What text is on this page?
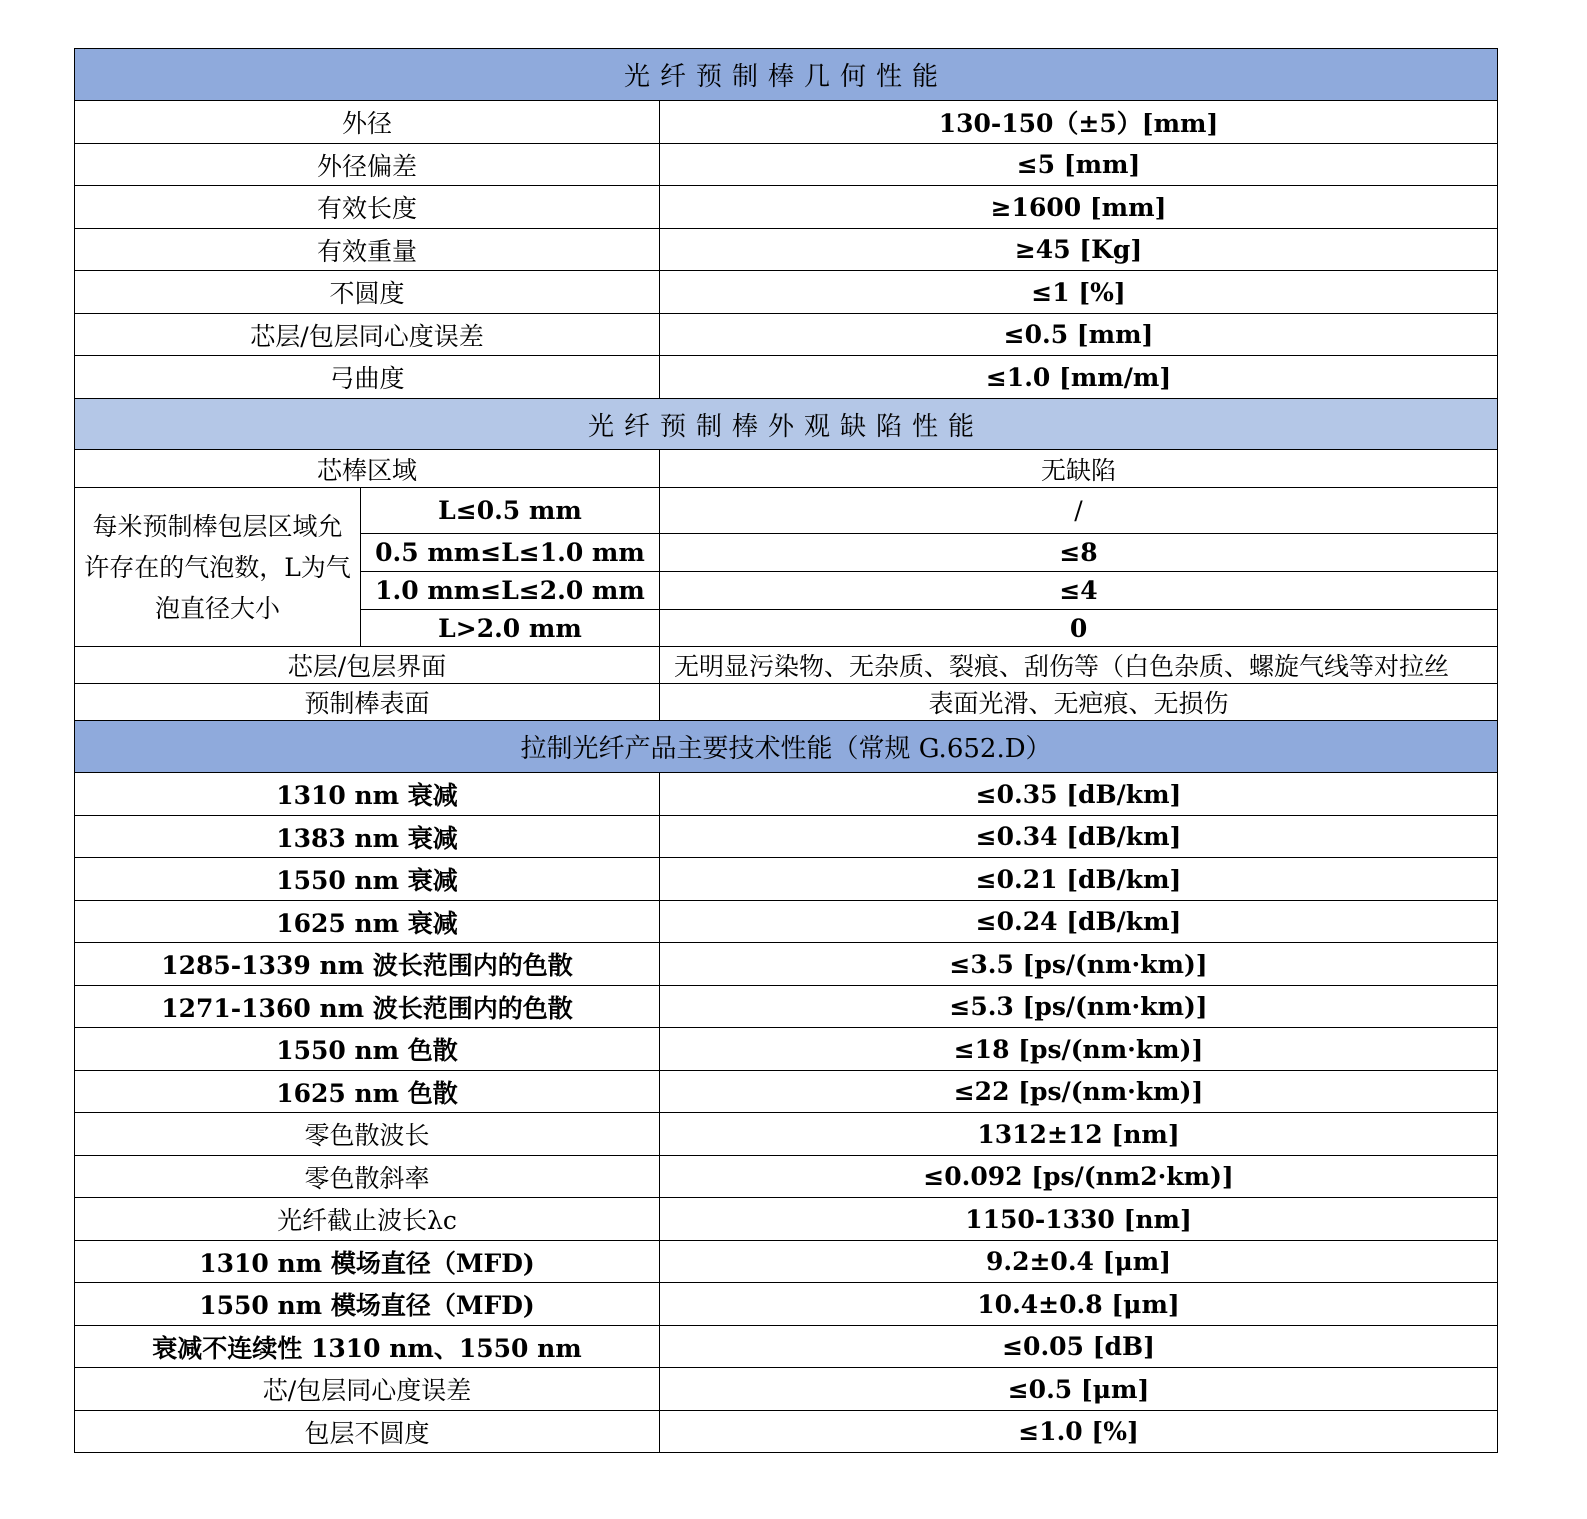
光纤预制棒几何性能		
外径		130-150（±5）[mm]
外径偏差		≤5 [mm]
有效长度		≥1600 [mm]
有效重量		≥45 [Kg]
不圆度		≤1 [%]
芯层/包层同心度误差		≤0.5 [mm]
弓曲度		≤1.0 [mm/m]
光纤预制棒外观缺陷性能		
芯棒区域		无缺陷
每米预制棒包层区域允许存在的气泡数，L为气泡直径大小	L≤0.5 mm	/
	0.5 mm≤L≤1.0 mm	≤8
	1.0 mm≤L≤2.0 mm	≤4
	L>2.0 mm	0
芯层/包层界面		无明显污染物、无杂质、裂痕、刮伤等（白色杂质、螺旋气线等对拉丝
预制棒表面		表面光滑、无疤痕、无损伤
拉制光纤产品主要技术性能（常规 G.652.D）		
1310 nm 衰减		≤0.35 [dB/km]
1383 nm 衰减		≤0.34 [dB/km]
1550 nm 衰减		≤0.21 [dB/km]
1625 nm 衰减		≤0.24 [dB/km]
1285-1339 nm 波长范围内的色散		≤3.5 [ps/(nm·km)]
1271-1360 nm 波长范围内的色散		≤5.3 [ps/(nm·km)]
1550 nm 色散		≤18 [ps/(nm·km)]
1625 nm 色散		≤22 [ps/(nm·km)]
零色散波长		1312±12 [nm]
零色散斜率		≤0.092 [ps/(nm2·km)]
光纤截止波长λc		1150-1330 [nm]
1310 nm 模场直径（MFD)		9.2±0.4 [μm]
1550 nm 模场直径（MFD)		10.4±0.8 [μm]
衰减不连续性 1310 nm、1550 nm		≤0.05 [dB]
芯/包层同心度误差		≤0.5 [μm]
包层不圆度		≤1.0 [%]
